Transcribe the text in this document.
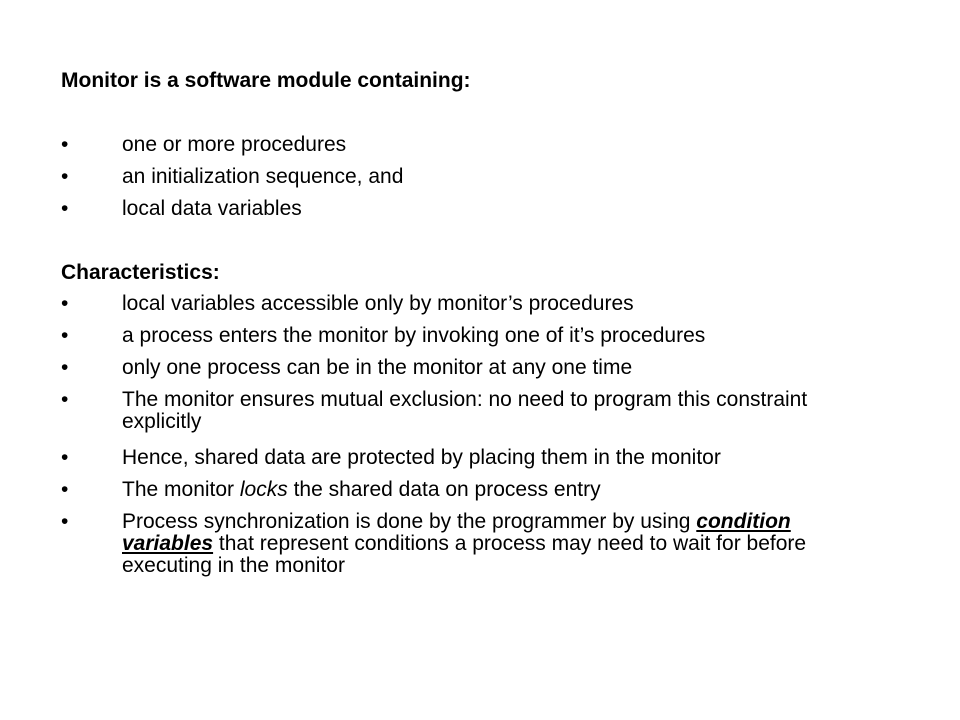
Monitor is a software module containing:
•	one or more procedures
•	an initialization sequence, and
•	local data variables
Characteristics:
•	local variables accessible only by monitor’s procedures
•	a process enters the monitor by invoking one of it’s procedures
•	only one process can be in the monitor at any one time
•	The monitor ensures mutual exclusion: no need to program this constraint explicitly
•	Hence, shared data are protected by placing them in the monitor
•	The monitor locks the shared data on process entry
•	Process synchronization is done by the programmer by using condition variables that represent conditions a process may need to wait for before executing in the monitor
